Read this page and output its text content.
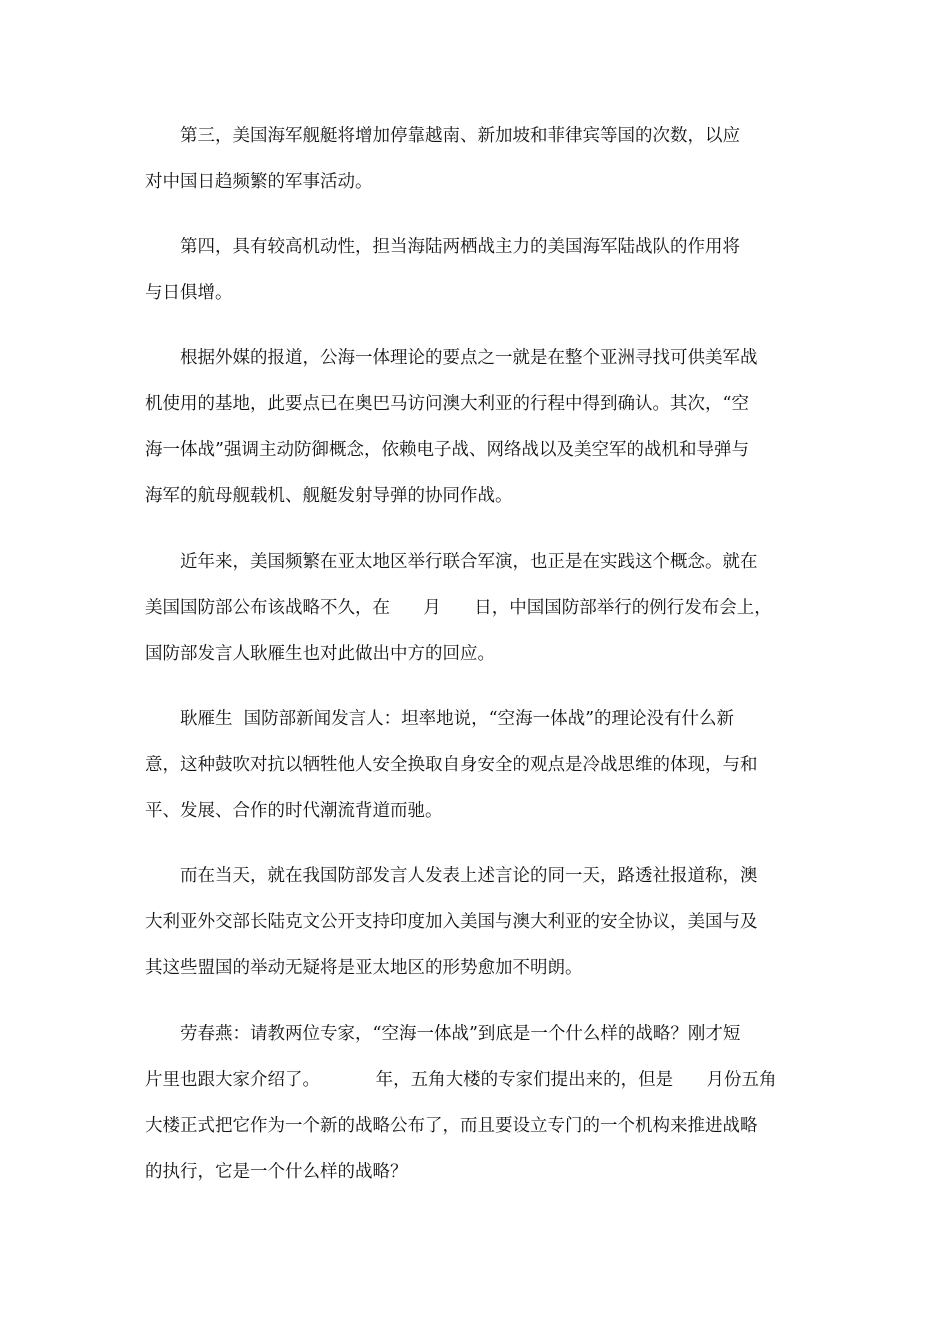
第三，美国海军舰艇将增加停靠越南、新加坡和菲律宾等国的次数，以应
对中国日趋频繁的军事活动。
第四，具有较高机动性，担当海陆两栖战主力的美国海军陆战队的作用将
与日俱增。
根据外媒的报道，公海一体理论的要点之一就是在整个亚洲寻找可供美军战
机使用的基地，此要点已在奥巴马访问澳大利亚的行程中得到确认。其次，“空
海一体战”强调主动防御概念，依赖电子战、网络战以及美空军的战机和导弹与
海军的航母舰载机、舰艇发射导弹的协同作战。
近年来，美国频繁在亚太地区举行联合军演，也正是在实践这个概念。就在
美国国防部公布该战略不久，在      月      日，中国国防部举行的例行发布会上，
国防部发言人耿雁生也对此做出中方的回应。
耿雁生  国防部新闻发言人：坦率地说，“空海一体战”的理论没有什么新
意，这种鼓吹对抗以牺牲他人安全换取自身安全的观点是冷战思维的体现，与和
平、发展、合作的时代潮流背道而驰。
而在当天，就在我国防部发言人发表上述言论的同一天，路透社报道称，澳
大利亚外交部长陆克文公开支持印度加入美国与澳大利亚的安全协议，美国与及
其这些盟国的举动无疑将是亚太地区的形势愈加不明朗。
劳春燕：请教两位专家，“空海一体战”到底是一个什么样的战略？刚才短
片里也跟大家介绍了。          年，五角大楼的专家们提出来的，但是      月份五角
大楼正式把它作为一个新的战略公布了，而且要设立专门的一个机构来推进战略
的执行，它是一个什么样的战略？
